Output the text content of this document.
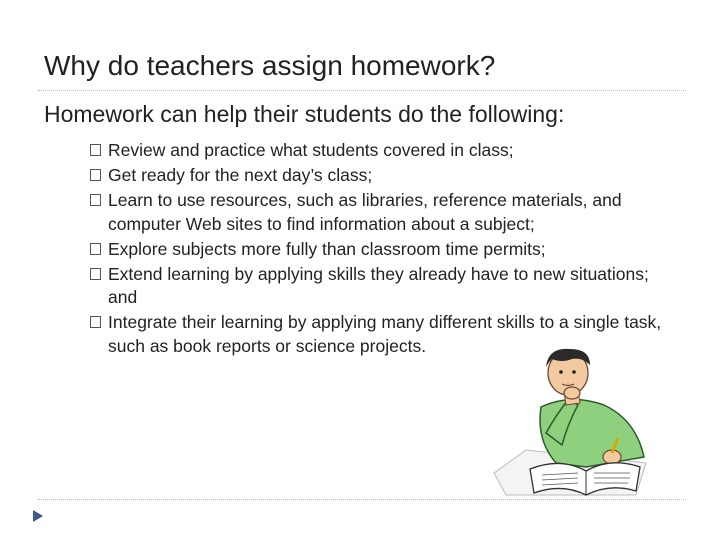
Why do teachers assign homework?
Homework can help their students do the following:
Review and practice what students covered in class;
Get ready for the next day’s class;
Learn to use resources, such as libraries, reference materials, and computer Web sites to find information about a subject;
Explore subjects more fully than classroom time permits;
Extend learning by applying skills they already have to new situations; and
Integrate their learning by applying many different skills to a single task, such as book reports or science projects.
